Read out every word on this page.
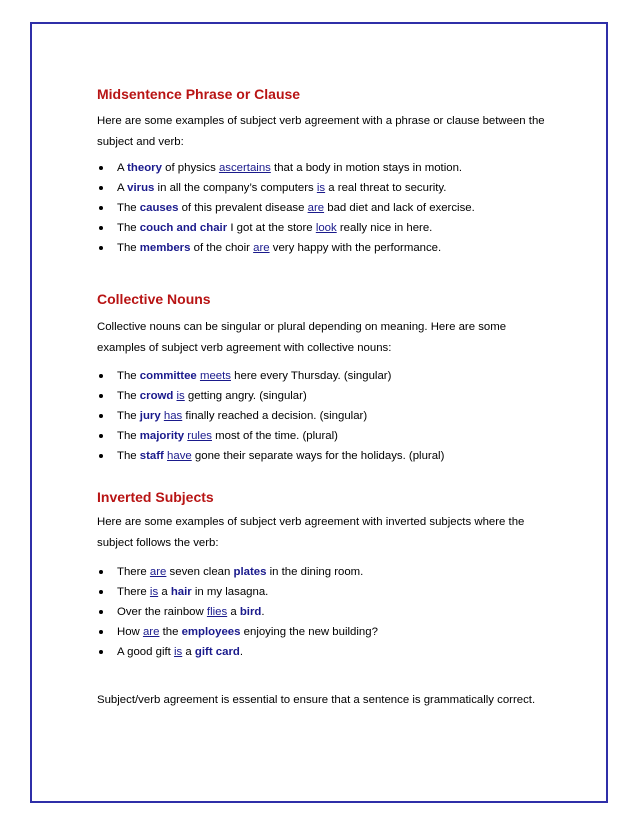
Midsentence Phrase or Clause

Here are some examples of subject verb agreement with a phrase or clause between the subject and verb:

A theory of physics ascertains that a body in motion stays in motion.
A virus in all the company’s computers is a real threat to security.
The causes of this prevalent disease are bad diet and lack of exercise.
The couch and chair I got at the store look really nice in here.
The members of the choir are very happy with the performance.
Collective Nouns

Collective nouns can be singular or plural depending on meaning. Here are some examples of subject verb agreement with collective nouns:

The committee meets here every Thursday. (singular)
The crowd is getting angry. (singular)
The jury has finally reached a decision. (singular)
The majority rules most of the time. (plural)
The staff have gone their separate ways for the holidays. (plural)
Inverted Subjects

Here are some examples of subject verb agreement with inverted subjects where the subject follows the verb:

There are seven clean plates in the dining room.
There is a hair in my lasagna.
Over the rainbow flies a bird.
How are the employees enjoying the new building?
A good gift is a gift card.

Subject/verb agreement is essential to ensure that a sentence is grammatically correct.
